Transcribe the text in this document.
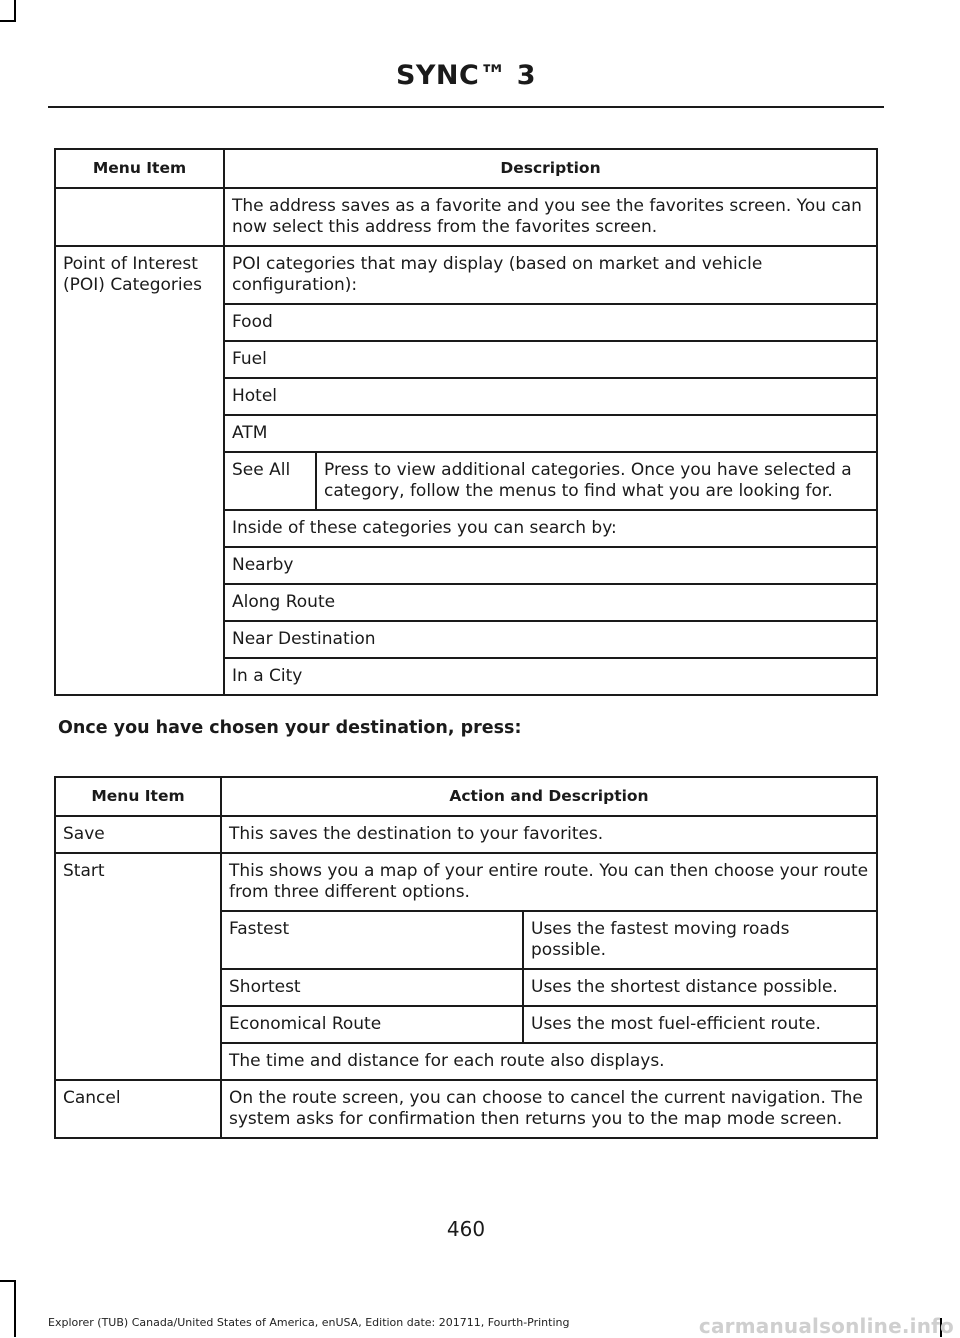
SYNC™ 3
Menu Item	Description	
	The address saves as a favorite and you see the favorites screen. You can now select this address from the favorites screen.	
Point of Interest (POI) Categories	POI categories that may display (based on market and vehicle configuration):	
	Food	
	Fuel	
	Hotel	
	ATM	
	See All	Press to view additional categories. Once you have selected a category, follow the menus to find what you are looking for.
	Inside of these categories you can search by:	
	Nearby	
	Along Route	
	Near Destination	
	In a City	
Once you have chosen your destination, press:
Menu Item	Action and Description	
Save	This saves the destination to your favorites.	
Start	This shows you a map of your entire route. You can then choose your route from three different options.	
	Fastest	Uses the fastest moving roads possible.
	Shortest	Uses the shortest distance possible.
	Economical Route	Uses the most fuel-efficient route.
	The time and distance for each route also displays.	
Cancel	On the route screen, you can choose to cancel the current navigation. The system asks for confirmation then returns you to the map mode screen.	
460
Explorer (TUB) Canada/United States of America, enUSA, Edition date: 201711, Fourth-Printing	carmanualsonline.info
